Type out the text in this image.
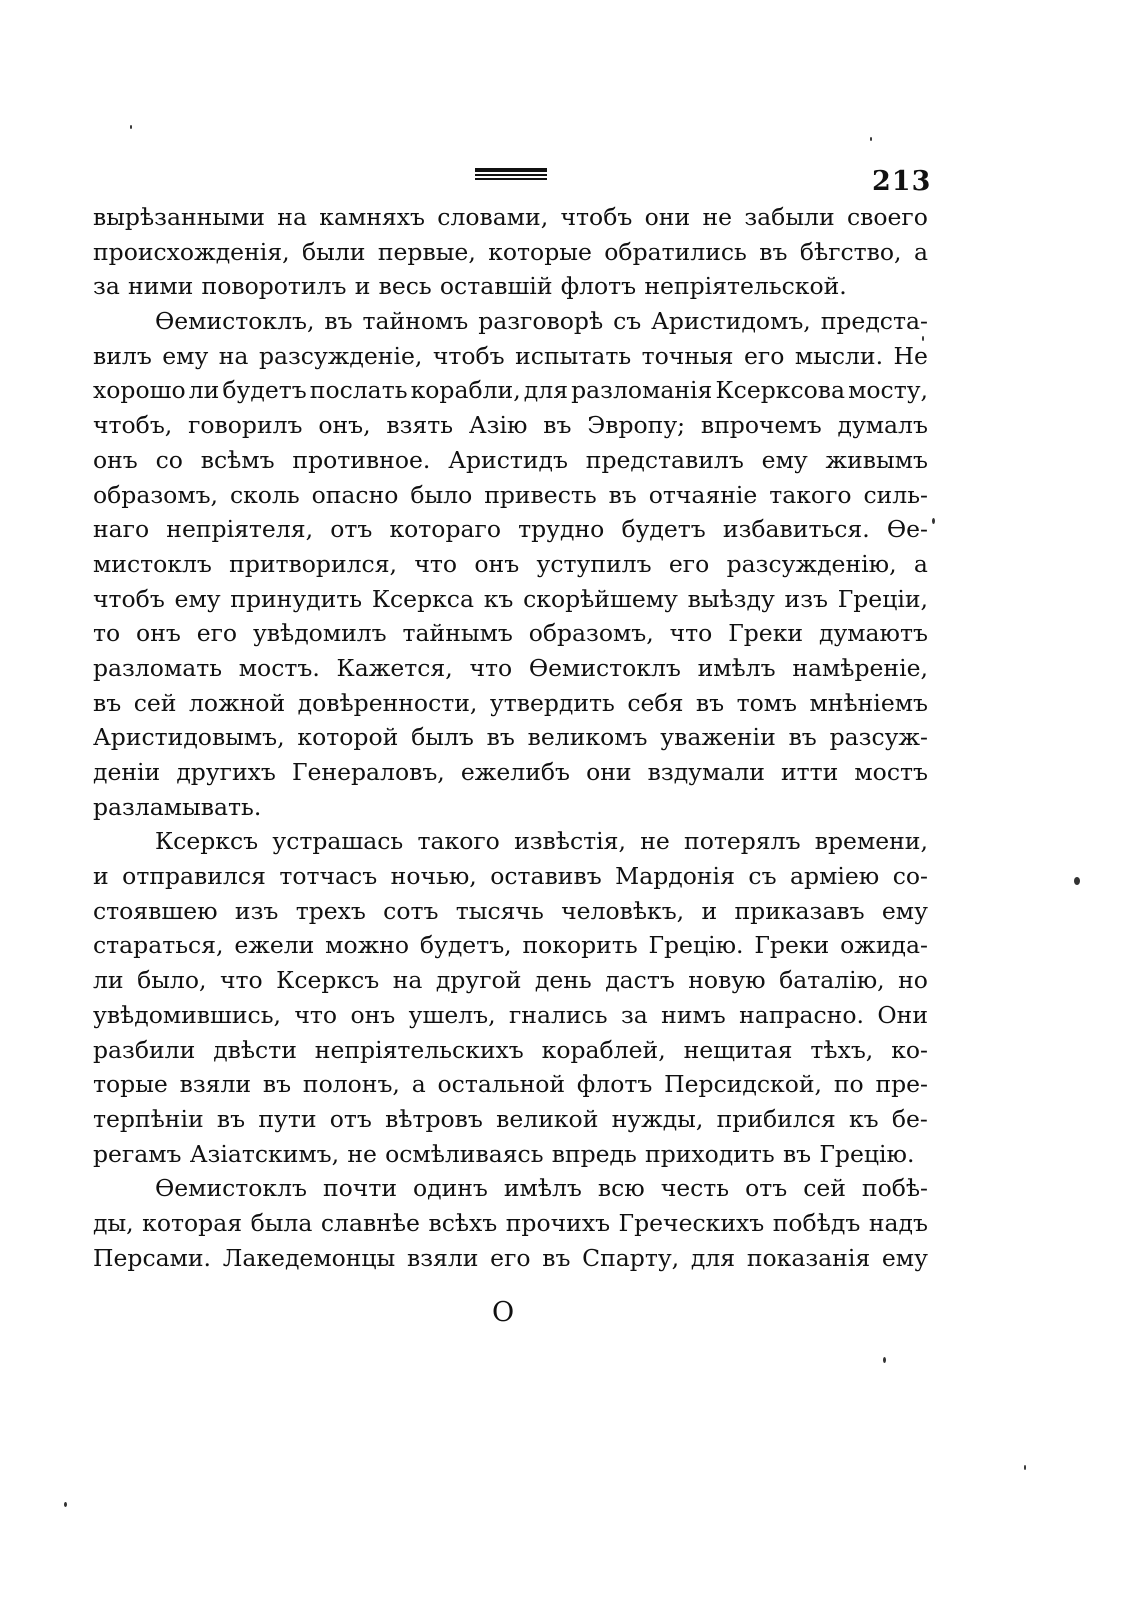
213
вырѣзанными на камняхъ словами, чтобъ они не забыли своего
происхожденія, были первые, которые обратились въ бѣгство, а
за ними поворотилъ и весь оставшій флотъ непріятельской.
Ѳемистоклъ, въ тайномъ разговорѣ съ Аристидомъ, предста-
вилъ ему на разсужденіе, чтобъ испытать точныя его мысли. Не
хорошо ли будетъ послать корабли, для разломанія Ксерксова мосту,
чтобъ, говорилъ онъ, взять Азію въ Эвропу; впрочемъ думалъ
онъ со всѣмъ противное. Аристидъ представилъ ему живымъ
образомъ, сколь опасно было привесть въ отчаяніе такого силь-
наго непріятеля, отъ котораго трудно будетъ избавиться. Ѳе-
мистоклъ притворился, что онъ уступилъ его разсужденію, а
чтобъ ему принудить Ксеркса къ скорѣйшему выѣзду изъ Греціи,
то онъ его увѣдомилъ тайнымъ образомъ, что Греки думаютъ
разломать мостъ. Кажется, что Ѳемистоклъ имѣлъ намѣреніе,
въ сей ложной довѣренности, утвердить себя въ томъ мнѣніемъ
Аристидовымъ, которой былъ въ великомъ уваженіи въ разсуж-
деніи другихъ Генераловъ, ежелибъ они вздумали итти мостъ
разламывать.
Ксерксъ устрашась такого извѣстія, не потерялъ времени,
и отправился тотчасъ ночью, оставивъ Мардонія съ арміею со-
стоявшею изъ трехъ сотъ тысячь человѣкъ, и приказавъ ему
стараться, ежели можно будетъ, покорить Грецію. Греки ожида-
ли было, что Ксерксъ на другой день дастъ новую баталію, но
увѣдомившись, что онъ ушелъ, гнались за нимъ напрасно. Они
разбили двѣсти непріятельскихъ кораблей, нещитая тѣхъ, ко-
торые взяли въ полонъ, а остальной флотъ Персидской, по пре-
терпѣніи въ пути отъ вѣтровъ великой нужды, прибился къ бе-
регамъ Азіатскимъ, не осмѣливаясь впредь приходить въ Грецію.
Ѳемистоклъ почти одинъ имѣлъ всю честь отъ сей побѣ-
ды, которая была славнѣе всѣхъ прочихъ Греческихъ побѣдъ надъ
Персами. Лакедемонцы взяли его въ Спарту, для показанія ему
О
